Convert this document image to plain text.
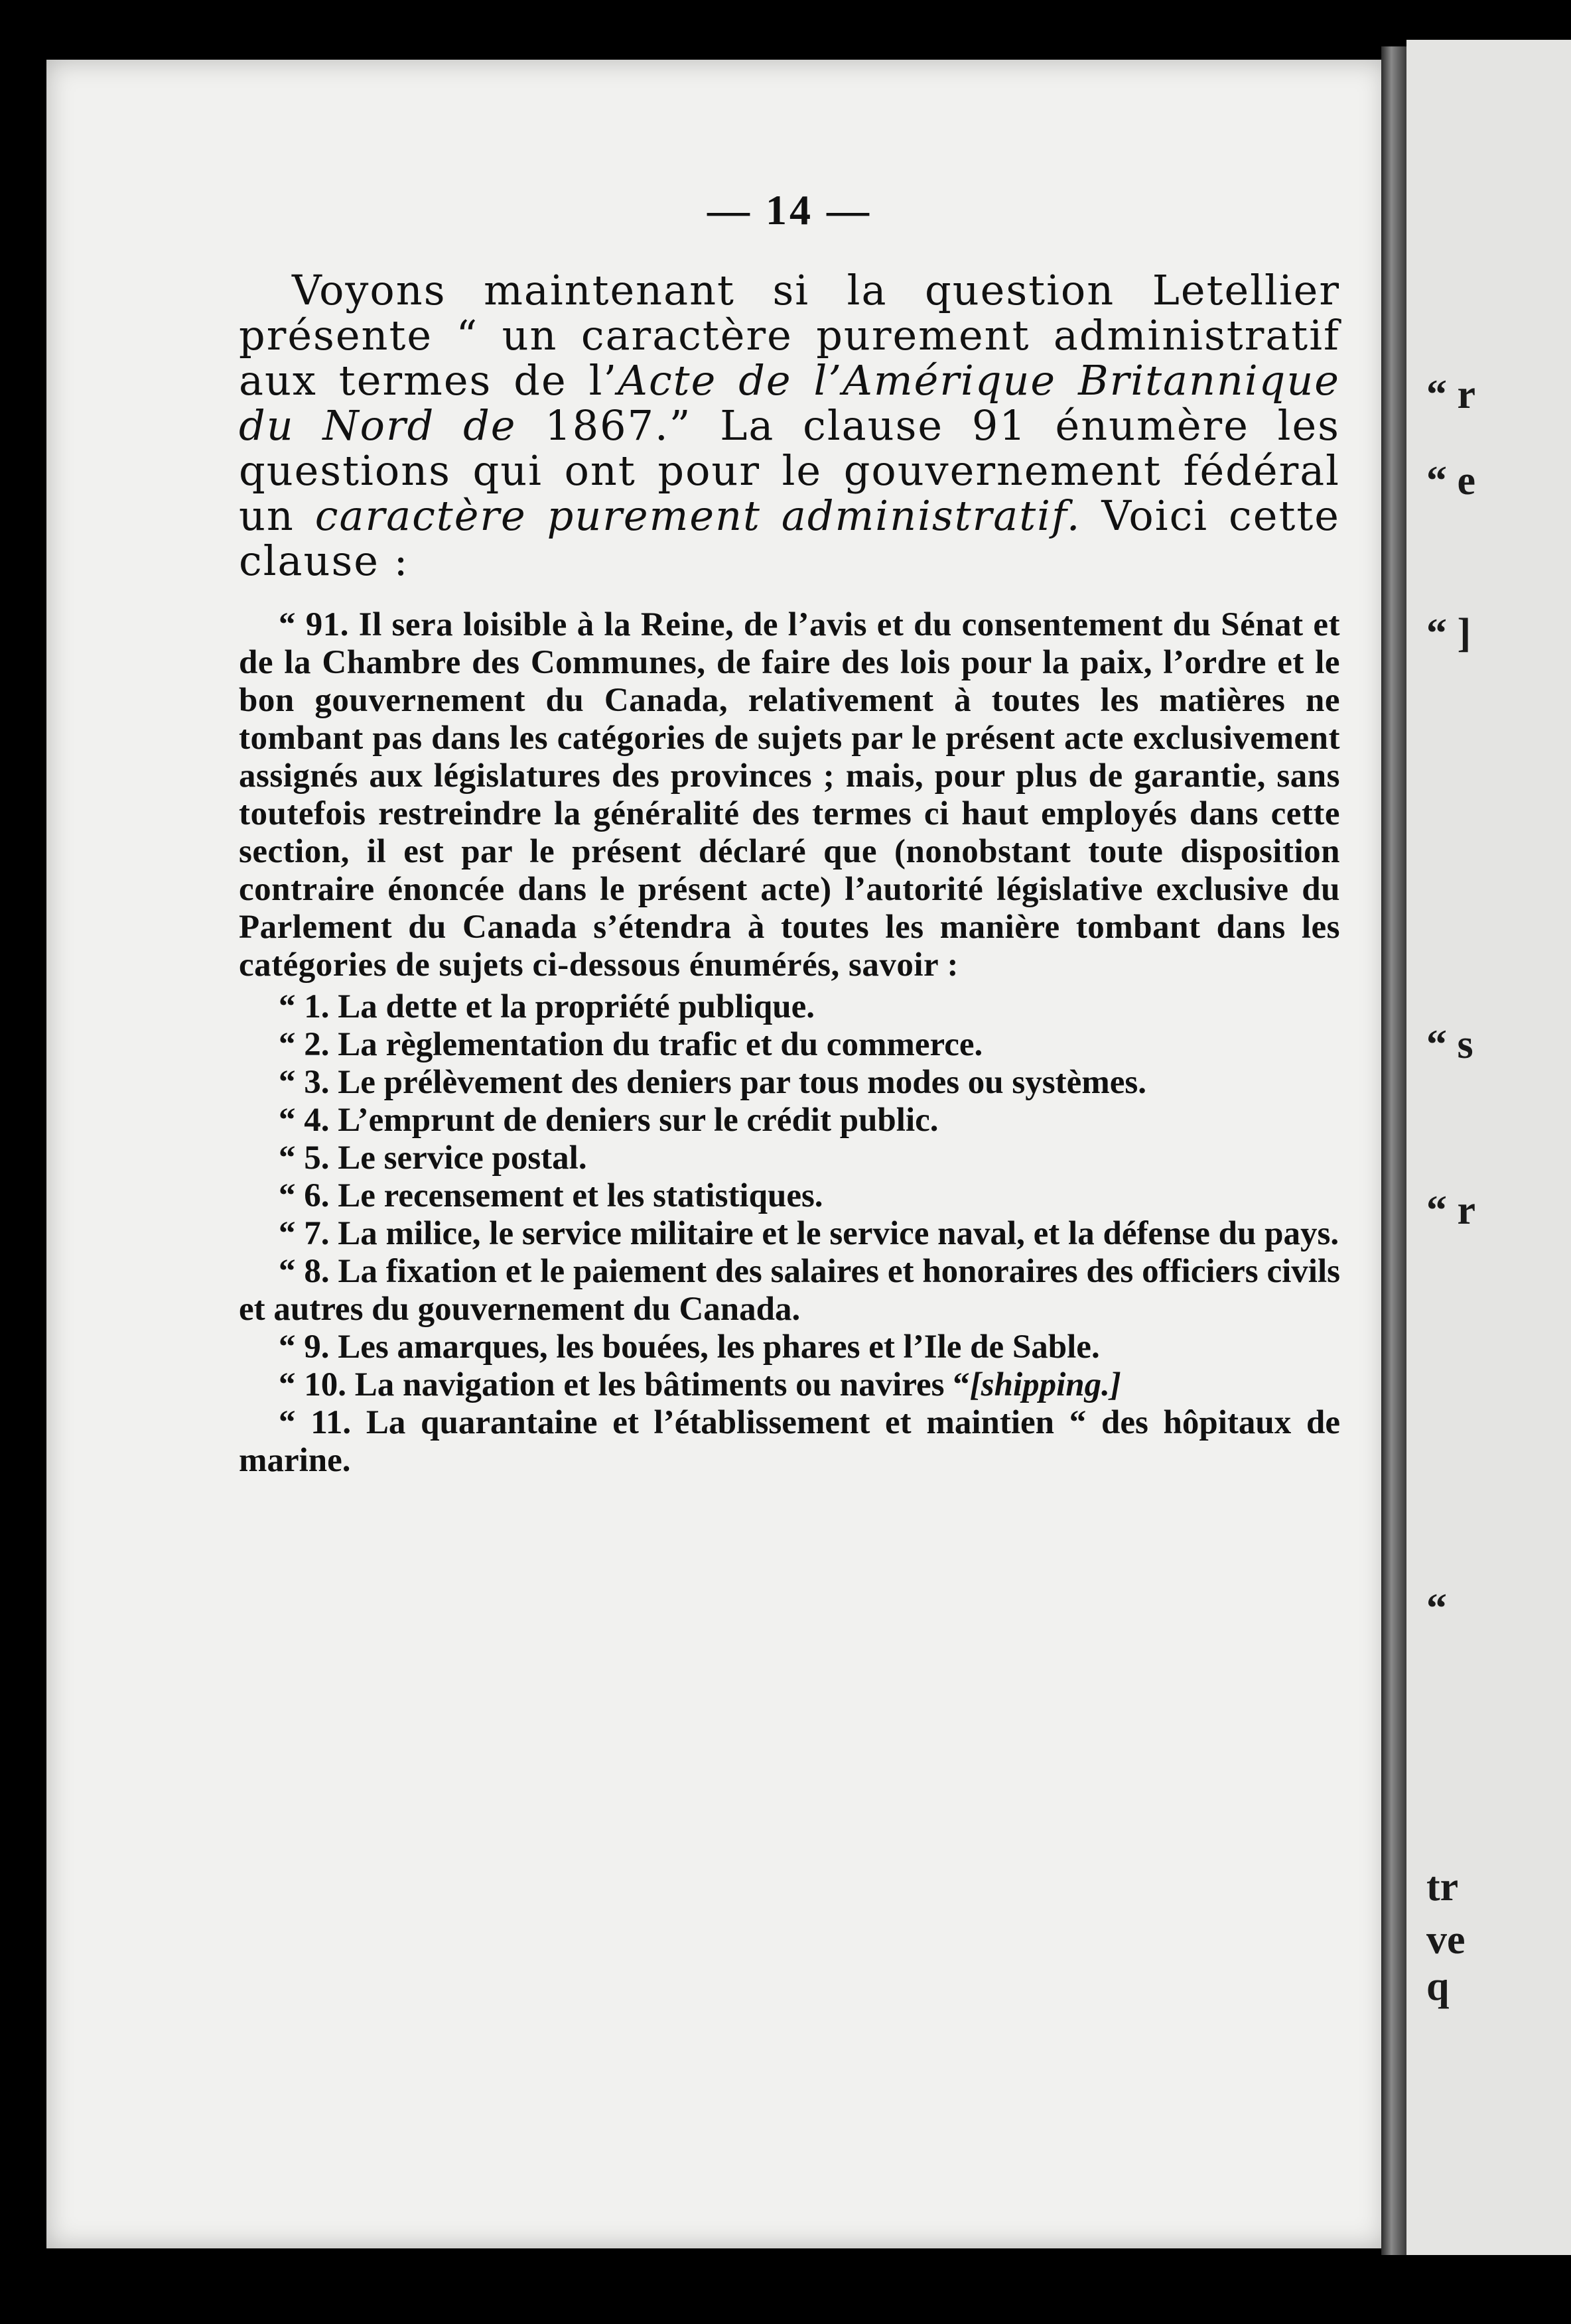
— 14 —

Voyons maintenant si la question Letellier présente “ un caractère purement administratif aux termes de l’Acte de l’Amérique Britannique du Nord de 1867.” La clause 91 énumère les questions qui ont pour le gouvernement fédéral un caractère purement administratif. Voici cette clause :

“ 91. Il sera loisible à la Reine, de l’avis et du consentement du Sénat et de la Chambre des Communes, de faire des lois pour la paix, l’ordre et le bon gouvernement du Canada, relativement à toutes les matières ne tombant pas dans les catégories de sujets par le présent acte exclusivement assignés aux législatures des provinces ; mais, pour plus de garantie, sans toutefois restreindre la généralité des termes ci haut employés dans cette section, il est par le présent déclaré que (nonobstant toute disposition contraire énoncée dans le présent acte) l’autorité législative exclusive du Parlement du Canada s’étendra à toutes les manière tombant dans les catégories de sujets ci-dessous énumérés, savoir :

“ 1. La dette et la propriété publique.

“ 2. La règlementation du trafic et du commerce.

“ 3. Le prélèvement des deniers par tous modes ou systèmes.

“ 4. L’emprunt de deniers sur le crédit public.

“ 5. Le service postal.

“ 6. Le recensement et les statistiques.

“ 7. La milice, le service militaire et le service naval, et la défense du pays.

“ 8. La fixation et le paiement des salaires et honoraires des officiers civils et autres du gouvernement du Canada.

“ 9. Les amarques, les bouées, les phares et l’Ile de Sable.

“ 10. La navigation et les bâtiments ou navires “[shipping.]

“ 11. La quarantaine et l’établissement et maintien “ des hôpitaux de marine.

“ r
“ e
“ ]
“ s
“ r
“
tr
ve
q
